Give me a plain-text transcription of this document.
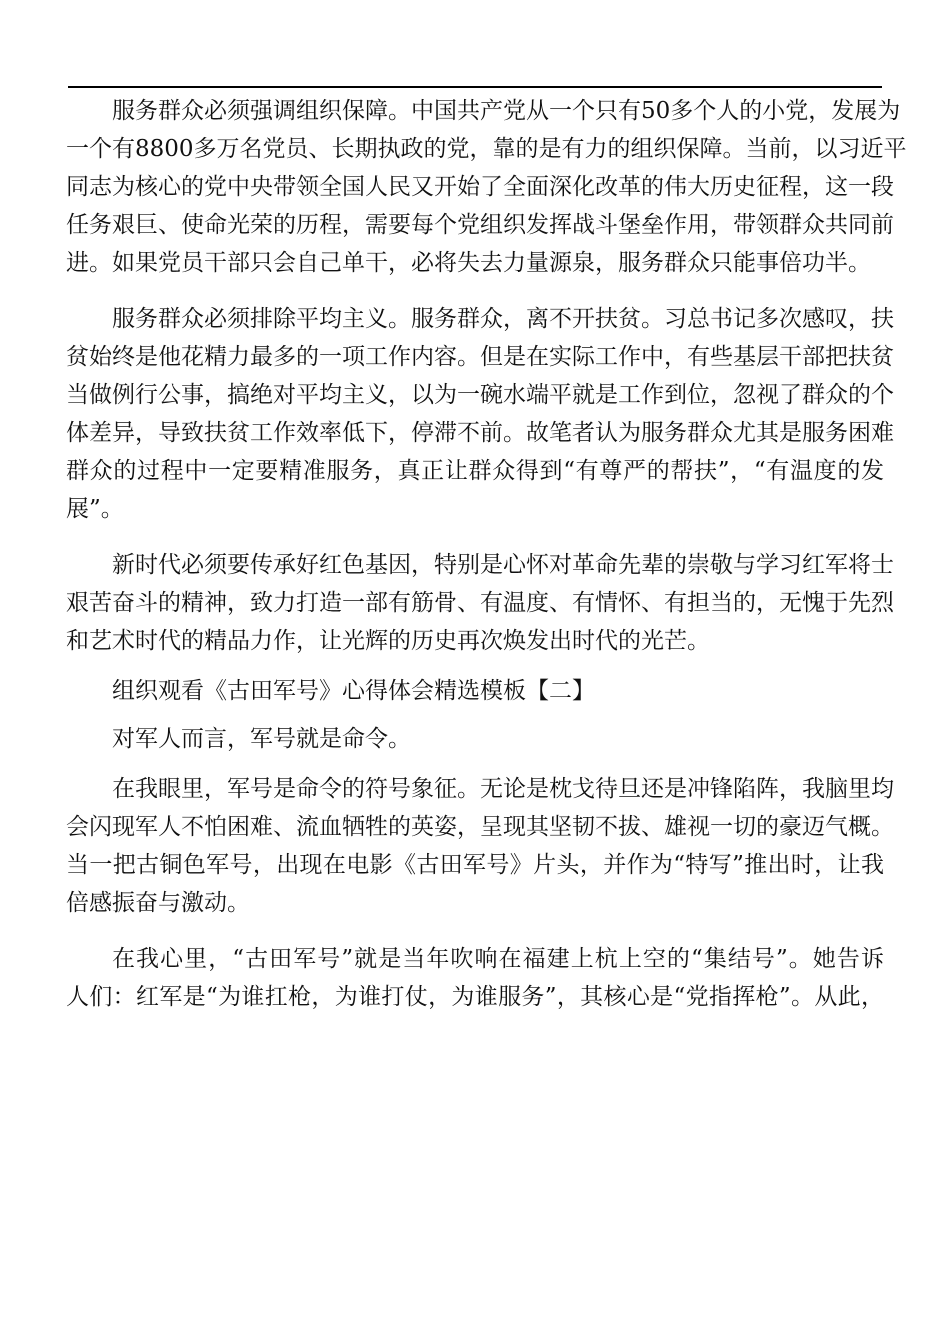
服务群众必须强调组织保障。中国共产党从一个只有50多个人的小党，发展为
一个有8800多万名党员、长期执政的党，靠的是有力的组织保障。当前，以习近平
同志为核心的党中央带领全国人民又开始了全面深化改革的伟大历史征程，这一段
任务艰巨、使命光荣的历程，需要每个党组织发挥战斗堡垒作用，带领群众共同前
进。如果党员干部只会自己单干，必将失去力量源泉，服务群众只能事倍功半。
服务群众必须排除平均主义。服务群众，离不开扶贫。习总书记多次感叹，扶
贫始终是他花精力最多的一项工作内容。但是在实际工作中，有些基层干部把扶贫
当做例行公事，搞绝对平均主义，以为一碗水端平就是工作到位，忽视了群众的个
体差异，导致扶贫工作效率低下，停滞不前。故笔者认为服务群众尤其是服务困难
群众的过程中一定要精准服务，真正让群众得到“有尊严的帮扶”，“有温度的发
展”。
新时代必须要传承好红色基因，特别是心怀对革命先辈的崇敬与学习红军将士
艰苦奋斗的精神，致力打造一部有筋骨、有温度、有情怀、有担当的，无愧于先烈
和艺术时代的精品力作，让光辉的历史再次焕发出时代的光芒。
组织观看《古田军号》心得体会精选模板【二】
对军人而言，军号就是命令。
在我眼里，军号是命令的符号象征。无论是枕戈待旦还是冲锋陷阵，我脑里均
会闪现军人不怕困难、流血牺牲的英姿，呈现其坚韧不拔、雄视一切的豪迈气概。
当一把古铜色军号，出现在电影《古田军号》片头，并作为“特写”推出时，让我
倍感振奋与激动。
在我心里，“古田军号”就是当年吹响在福建上杭上空的“集结号”。她告诉
人们：红军是“为谁扛枪，为谁打仗，为谁服务”，其核心是“党指挥枪”。从此，
